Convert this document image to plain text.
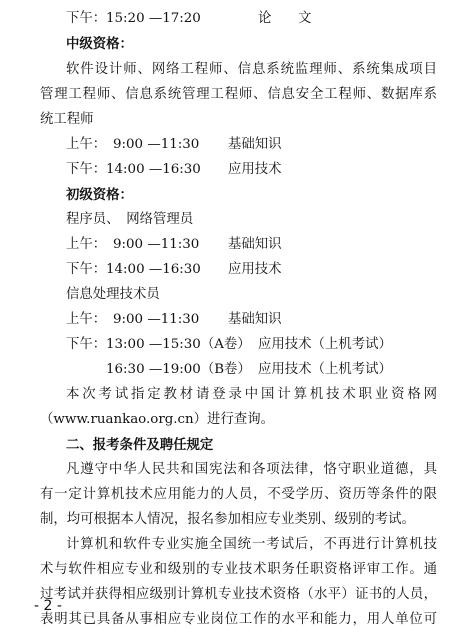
下午： 15:20 —17:20	论　　文
中级资格：
软件设计师、网络工程师、信息系统监理师、系统集成项目
管理工程师、信息系统管理工程师、信息安全工程师、数据库系
统工程师
上午： 9:00 —11:30 基础知识
下午： 14:00 —16:30 应用技术
初级资格：
程序员、　网络管理员
上午： 9:00 —11:30 基础知识
下午： 14:00 —16:30 应用技术
信息处理技术员
上午： 9:00 —11:30 基础知识
下午： 13:00 —15:30（A卷） 应用技术（上机考试）
16:30 —19:00（B卷） 应用技术（上机考试）
本次考试指定教材请登录中国计算机技术职业资格网
（www.ruankao.org.cn）进行查询。
二、报考条件及聘任规定
凡遵守中华人民共和国宪法和各项法律，恪守职业道德，具
有一定计算机技术应用能力的人员，不受学历、资历等条件的限
制，均可根据本人情况，报名参加相应专业类别、级别的考试。
计算机和软件专业实施全国统一考试后，不再进行计算机技
术与软件相应专业和级别的专业技术职务任职资格评审工作。通
过考试并获得相应级别计算机专业技术资格（水平）证书的人员，
表明其已具备从事相应专业岗位工作的水平和能力，用人单位可
- 2 -
